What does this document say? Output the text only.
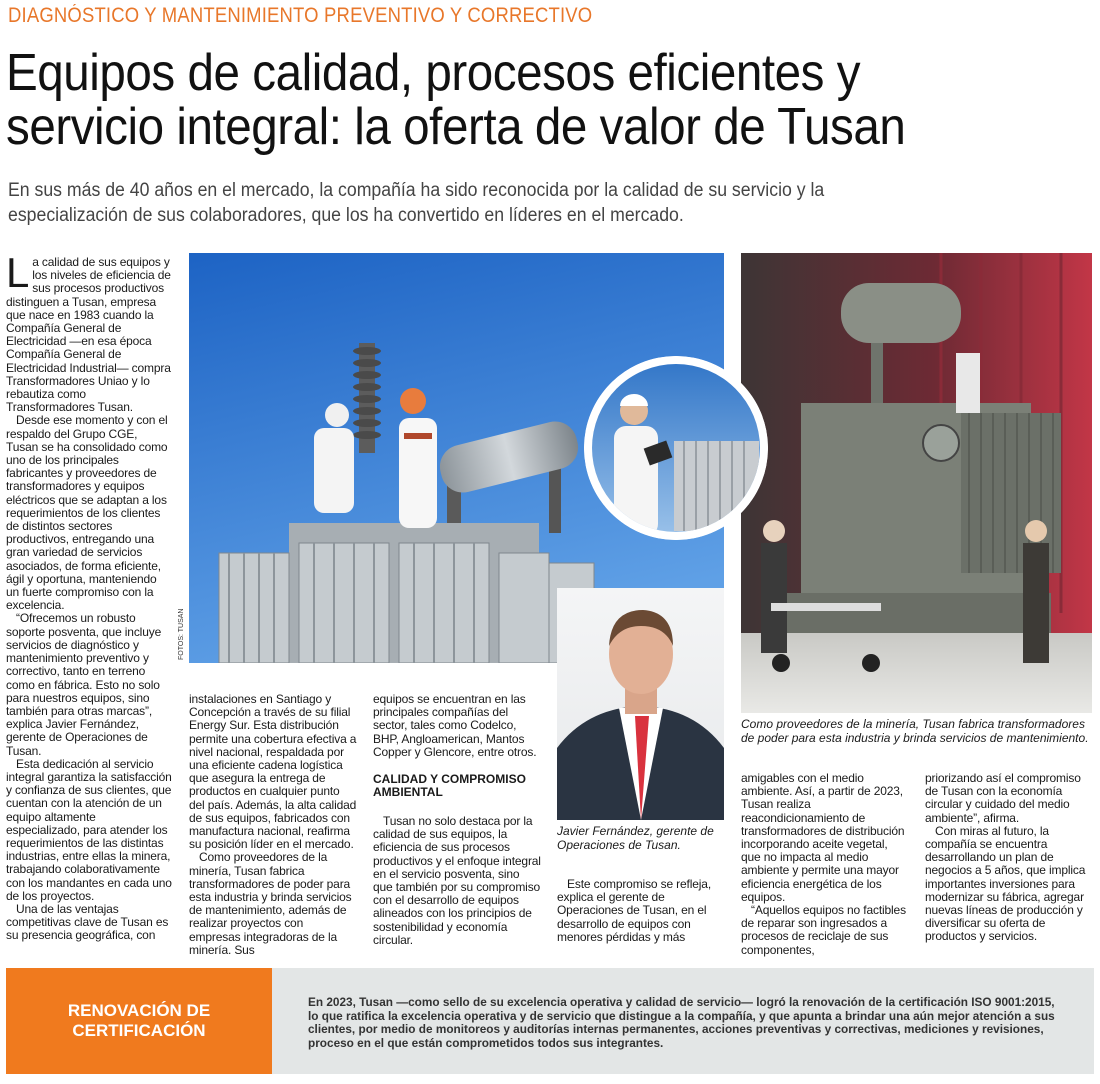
DIAGNÓSTICO Y MANTENIMIENTO PREVENTIVO Y CORRECTIVO
Equipos de calidad, procesos eficientes y
servicio integral: la oferta de valor de Tusan
En sus más de 40 años en el mercado, la compañía ha sido reconocida por la calidad de su servicio y la
especialización de sus colaboradores, que los ha convertido en líderes en el mercado.
FOTOS: TUSAN
Como proveedores de la minería, Tusan fabrica transformadores de poder para esta industria y brinda servicios de mantenimiento.
Javier Fernández, gerente de Operaciones de Tusan.

La calidad de sus equipos y los niveles de eficiencia de sus procesos productivos distinguen a Tusan, empresa que nace en 1983 cuando la Compañía General de Electricidad —en esa época Compañía General de Electricidad Industrial— compra Transformadores Uniao y lo rebautiza como Transformadores Tusan.

Desde ese momento y con el respaldo del Grupo CGE, Tusan se ha consolidado como uno de los principales fabricantes y proveedores de transformadores y equipos eléctricos que se adaptan a los requerimientos de los clientes de distintos sectores productivos, entregando una gran variedad de servicios asociados, de forma eficiente, ágil y oportuna, manteniendo un fuerte compromiso con la excelencia.

“Ofrecemos un robusto soporte posventa, que incluye servicios de diagnóstico y mantenimiento preventivo y correctivo, tanto en terreno como en fábrica. Esto no solo para nuestros equipos, sino también para otras marcas”, explica Javier Fernández, gerente de Operaciones de Tusan.

Esta dedicación al servicio integral garantiza la satisfacción y confianza de sus clientes, que cuentan con la atención de un equipo altamente especializado, para atender los requerimientos de las distintas industrias, entre ellas la minera, trabajando colaborativamente con los mandantes en cada uno de los proyectos.

Una de las ventajas competitivas clave de Tusan es su presencia geográfica, con

instalaciones en Santiago y Concepción a través de su filial Energy Sur. Esta distribución permite una cobertura efectiva a nivel nacional, respaldada por una eficiente cadena logística que asegura la entrega de productos en cualquier punto del país. Además, la alta calidad de sus equipos, fabricados con manufactura nacional, reafirma su posición líder en el mercado.

Como proveedores de la minería, Tusan fabrica transformadores de poder para esta industria y brinda servicios de mantenimiento, además de realizar proyectos con empresas integradoras de la minería. Sus

equipos se encuentran en las principales compañías del sector, tales como Codelco, BHP, Angloamerican, Mantos Copper y Glencore, entre otros.

CALIDAD Y COMPROMISO
AMBIENTAL

Tusan no solo destaca por la calidad de sus equipos, la eficiencia de sus procesos productivos y el enfoque integral en el servicio posventa, sino que también por su compromiso con el desarrollo de equipos alineados con los principios de sostenibilidad y economía circular.

Este compromiso se refleja, explica el gerente de Operaciones de Tusan, en el desarrollo de equipos con menores pérdidas y más

amigables con el medio ambiente. Así, a partir de 2023, Tusan realiza reacondicionamiento de transformadores de distribución incorporando aceite vegetal, que no impacta al medio ambiente y permite una mayor eficiencia energética de los equipos.

“Aquellos equipos no factibles de reparar son ingresados a procesos de reciclaje de sus componentes,

priorizando así el compromiso de Tusan con la economía circular y cuidado del medio ambiente”, afirma.

Con miras al futuro, la compañía se encuentra desarrollando un plan de negocios a 5 años, que implica importantes inversiones para modernizar su fábrica, agregar nuevas líneas de producción y diversificar su oferta de productos y servicios.

RENOVACIÓN DE
CERTIFICACIÓN
En 2023, Tusan —como sello de su excelencia operativa y calidad de servicio— logró la renovación de la certificación ISO 9001:2015, lo que ratifica la excelencia operativa y de servicio que distingue a la compañía, y que apunta a brindar una aún mejor atención a sus clientes, por medio de monitoreos y auditorías internas permanentes, acciones preventivas y correctivas, mediciones y revisiones, proceso en el que están comprometidos todos sus integrantes.
